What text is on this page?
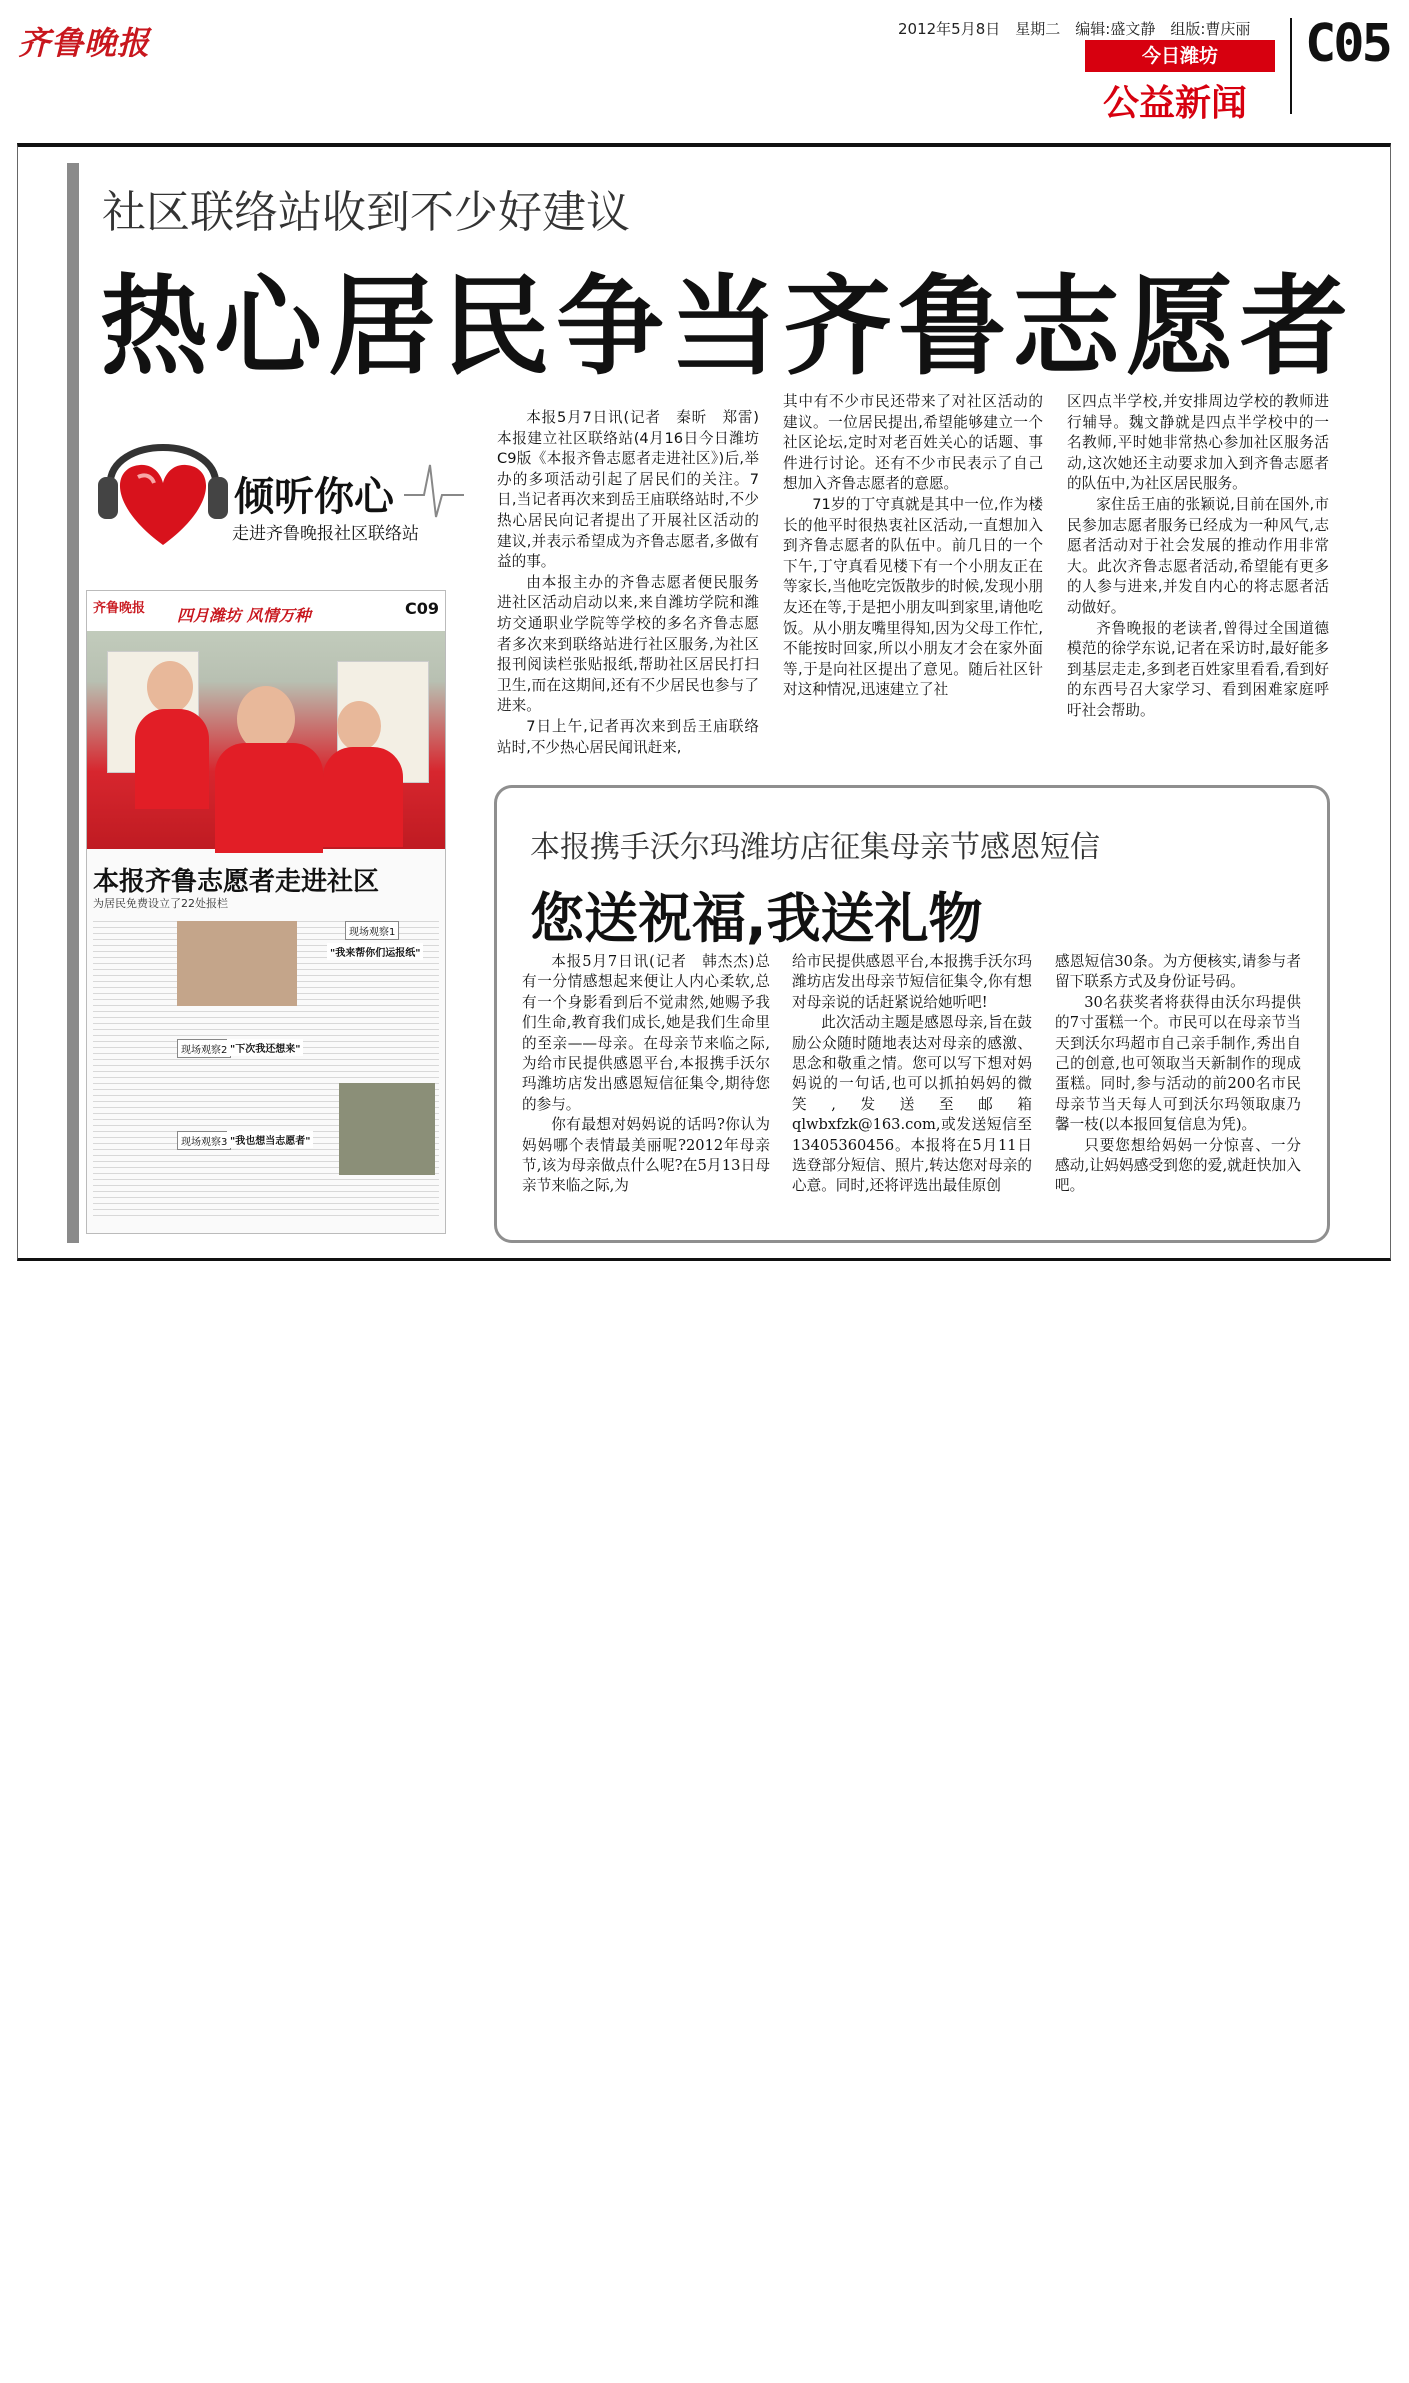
齐鲁晚报	2012年5月8日　星期二　编辑:盛文静　组版:曹庆丽
今日潍坊
公益新闻
C05
社区联络站收到不少好建议
热心居民争当齐鲁志愿者
倾听你心
走进齐鲁晚报社区联络站
齐鲁晚报 四月潍坊 风情万种	C09
本报齐鲁志愿者走进社区
为居民免费设立了22处报栏
现场观察1
"我来帮你们运报纸"
现场观察2 "下次我还想来"
现场观察3 "我也想当志愿者"

本报5月7日讯(记者　秦昕　郑雷)本报建立社区联络站(4月16日今日潍坊C9版《本报齐鲁志愿者走进社区》)后,举办的多项活动引起了居民们的关注。7日,当记者再次来到岳王庙联络站时,不少热心居民向记者提出了开展社区活动的建议,并表示希望成为齐鲁志愿者,多做有益的事。

由本报主办的齐鲁志愿者便民服务进社区活动启动以来,来自潍坊学院和潍坊交通职业学院等学校的多名齐鲁志愿者多次来到联络站进行社区服务,为社区报刊阅读栏张贴报纸,帮助社区居民打扫卫生,而在这期间,还有不少居民也参与了进来。

7日上午,记者再次来到岳王庙联络站时,不少热心居民闻讯赶来,

其中有不少市民还带来了对社区活动的建议。一位居民提出,希望能够建立一个社区论坛,定时对老百姓关心的话题、事件进行讨论。还有不少市民表示了自己想加入齐鲁志愿者的意愿。

71岁的丁守真就是其中一位,作为楼长的他平时很热衷社区活动,一直想加入到齐鲁志愿者的队伍中。前几日的一个下午,丁守真看见楼下有一个小朋友正在等家长,当他吃完饭散步的时候,发现小朋友还在等,于是把小朋友叫到家里,请他吃饭。从小朋友嘴里得知,因为父母工作忙,不能按时回家,所以小朋友才会在家外面等,于是向社区提出了意见。随后社区针对这种情况,迅速建立了社

区四点半学校,并安排周边学校的教师进行辅导。魏文静就是四点半学校中的一名教师,平时她非常热心参加社区服务活动,这次她还主动要求加入到齐鲁志愿者的队伍中,为社区居民服务。

家住岳王庙的张颖说,目前在国外,市民参加志愿者服务已经成为一种风气,志愿者活动对于社会发展的推动作用非常大。此次齐鲁志愿者活动,希望能有更多的人参与进来,并发自内心的将志愿者活动做好。

齐鲁晚报的老读者,曾得过全国道德模范的徐学东说,记者在采访时,最好能多到基层走走,多到老百姓家里看看,看到好的东西号召大家学习、看到困难家庭呼吁社会帮助。

本报携手沃尔玛潍坊店征集母亲节感恩短信
您送祝福,我送礼物

本报5月7日讯(记者　韩杰杰)总有一分情感想起来便让人内心柔软,总有一个身影看到后不觉肃然,她赐予我们生命,教育我们成长,她是我们生命里的至亲——母亲。在母亲节来临之际,为给市民提供感恩平台,本报携手沃尔玛潍坊店发出感恩短信征集令,期待您的参与。

你有最想对妈妈说的话吗?你认为妈妈哪个表情最美丽呢?2012年母亲节,该为母亲做点什么呢?在5月13日母亲节来临之际,为

给市民提供感恩平台,本报携手沃尔玛潍坊店发出母亲节短信征集令,你有想对母亲说的话赶紧说给她听吧!

此次活动主题是感恩母亲,旨在鼓励公众随时随地表达对母亲的感激、思念和敬重之情。您可以写下想对妈妈说的一句话,也可以抓拍妈妈的微笑,发送至邮箱qlwbxfzk@163.com,或发送短信至13405360456。本报将在5月11日选登部分短信、照片,转达您对母亲的心意。同时,还将评选出最佳原创

感恩短信30条。为方便核实,请参与者留下联系方式及身份证号码。

30名获奖者将获得由沃尔玛提供的7寸蛋糕一个。市民可以在母亲节当天到沃尔玛超市自己亲手制作,秀出自己的创意,也可领取当天新制作的现成蛋糕。同时,参与活动的前200名市民母亲节当天每人可到沃尔玛领取康乃馨一枝(以本报回复信息为凭)。

只要您想给妈妈一分惊喜、一分感动,让妈妈感受到您的爱,就赶快加入吧。
